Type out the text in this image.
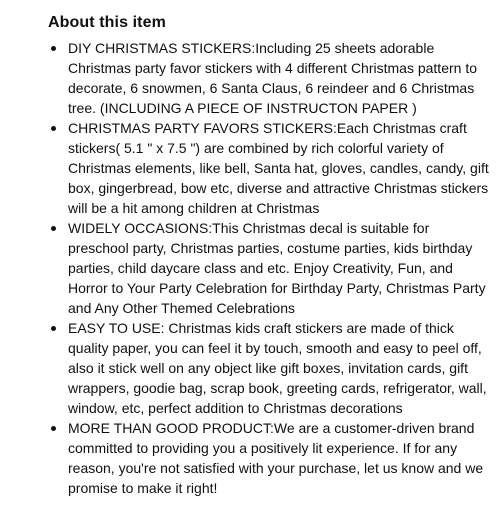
About this item
DIY CHRISTMAS STICKERS:Including 25 sheets adorable Christmas party favor stickers with 4 different Christmas pattern to decorate, 6 snowmen, 6 Santa Claus, 6 reindeer and 6 Christmas tree. (INCLUDING A PIECE OF INSTRUCTON PAPER )
CHRISTMAS PARTY FAVORS STICKERS:Each Christmas craft stickers( 5.1 " x 7.5 ") are combined by rich colorful variety of Christmas elements, like bell, Santa hat, gloves, candles, candy, gift box, gingerbread, bow etc, diverse and attractive Christmas stickers will be a hit among children at Christmas
WIDELY OCCASIONS:This Christmas decal is suitable for preschool party, Christmas parties, costume parties, kids birthday parties, child daycare class and etc. Enjoy Creativity, Fun, and Horror to Your Party Celebration for Birthday Party, Christmas Party and Any Other Themed Celebrations
EASY TO USE: Christmas kids craft stickers are made of thick quality paper, you can feel it by touch, smooth and easy to peel off, also it stick well on any object like gift boxes, invitation cards, gift wrappers, goodie bag, scrap book, greeting cards, refrigerator, wall, window, etc, perfect addition to Christmas decorations
MORE THAN GOOD PRODUCT:We are a customer-driven brand committed to providing you a positively lit experience. If for any reason, you're not satisfied with your purchase, let us know and we promise to make it right!
